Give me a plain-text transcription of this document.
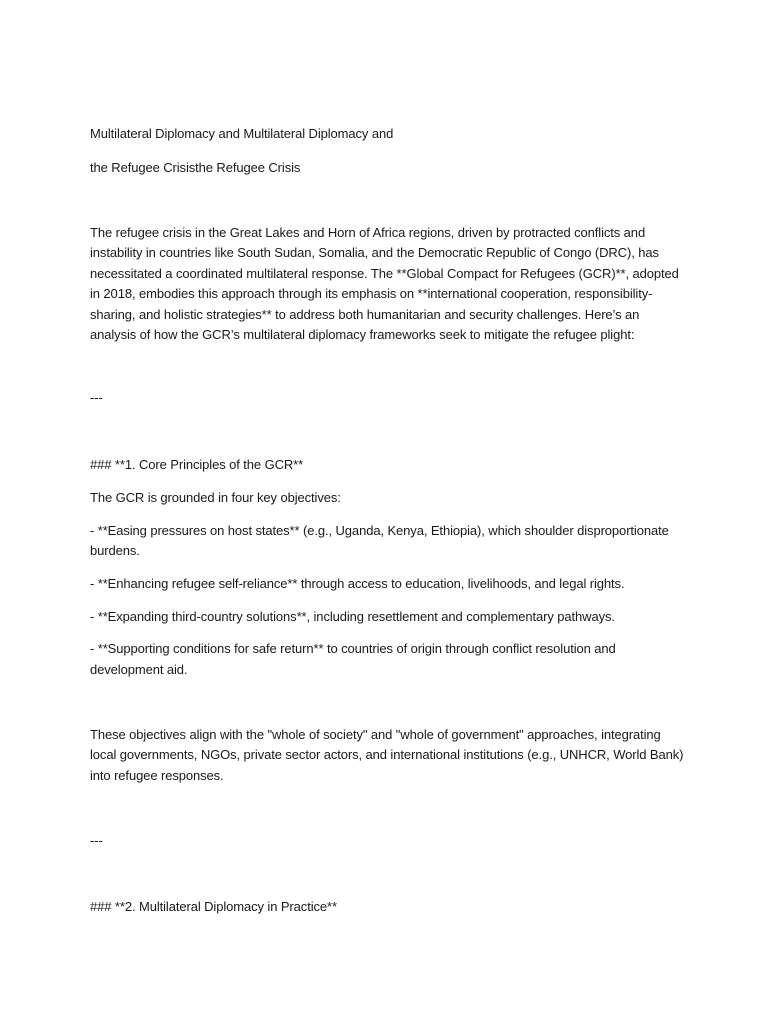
Multilateral Diplomacy and Multilateral Diplomacy and
the Refugee Crisisthe Refugee Crisis
The refugee crisis in the Great Lakes and Horn of Africa regions, driven by protracted conflicts and
instability in countries like South Sudan, Somalia, and the Democratic Republic of Congo (DRC), has
necessitated a coordinated multilateral response. The **Global Compact for Refugees (GCR)**, adopted
in 2018, embodies this approach through its emphasis on **international cooperation, responsibility-
sharing, and holistic strategies** to address both humanitarian and security challenges. Here’s an
analysis of how the GCR’s multilateral diplomacy frameworks seek to mitigate the refugee plight:
---
### **1. Core Principles of the GCR**
The GCR is grounded in four key objectives:
- **Easing pressures on host states** (e.g., Uganda, Kenya, Ethiopia), which shoulder disproportionate
burdens.
- **Enhancing refugee self-reliance** through access to education, livelihoods, and legal rights.
- **Expanding third-country solutions**, including resettlement and complementary pathways.
- **Supporting conditions for safe return** to countries of origin through conflict resolution and
development aid.
These objectives align with the "whole of society" and "whole of government" approaches, integrating
local governments, NGOs, private sector actors, and international institutions (e.g., UNHCR, World Bank)
into refugee responses.
---
### **2. Multilateral Diplomacy in Practice**
